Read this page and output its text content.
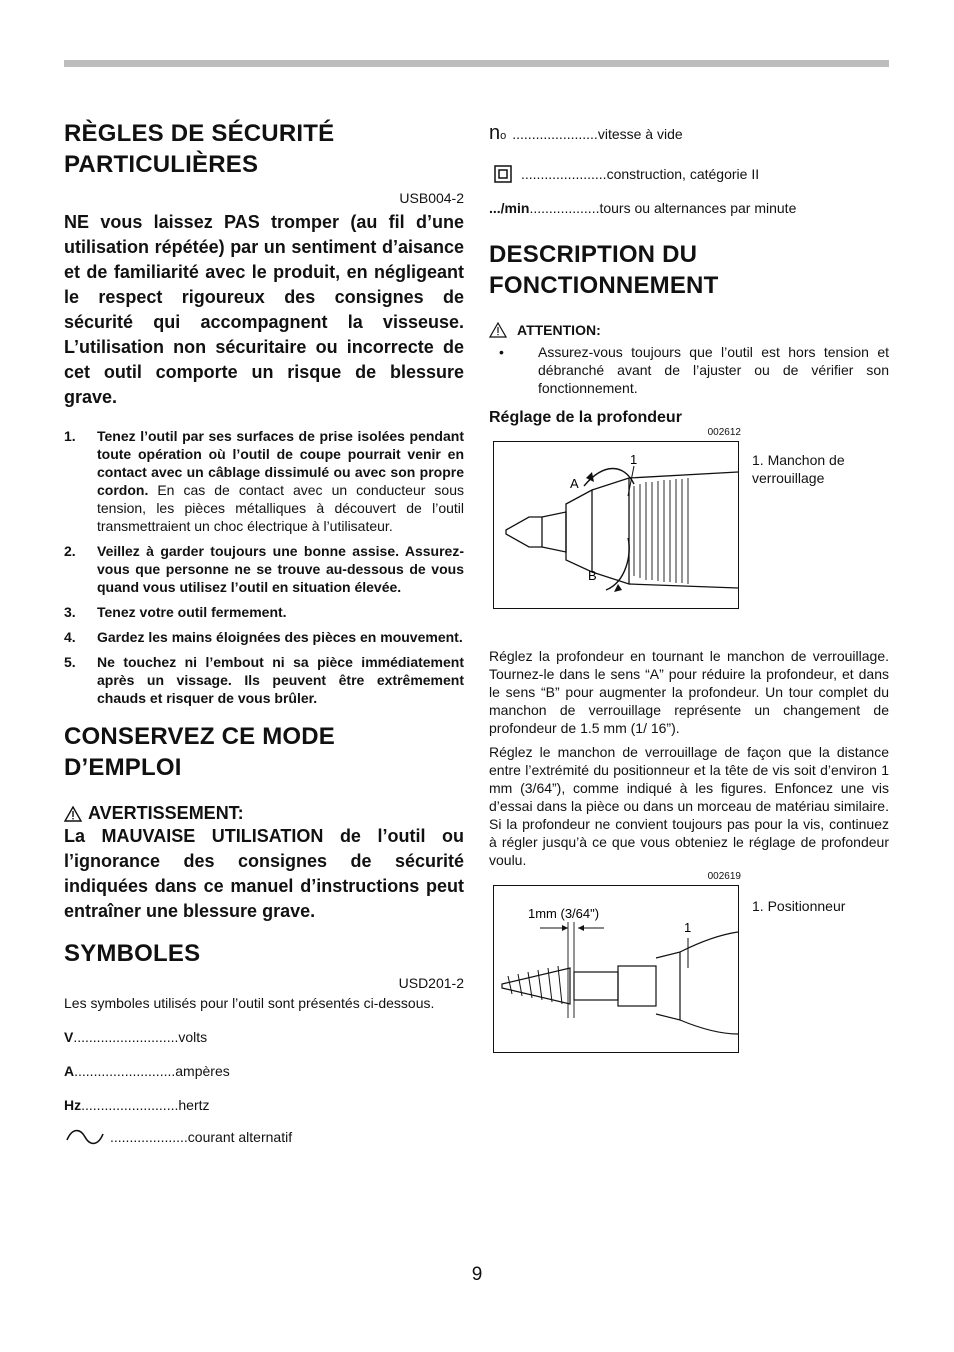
RÈGLES DE SÉCURITÉ PARTICULIÈRES

USB004-2

NE vous laissez PAS tromper (au fil d’une utilisation répétée) par un sentiment d’aisance et de familiarité avec le produit, en négligeant le respect rigoureux des consignes de sécurité qui accompagnent la visseuse. L’utilisation non sécuritaire ou incorrecte de cet outil comporte un risque de blessure grave.

1.	Tenez l’outil par ses surfaces de prise isolées pendant toute opération où l’outil de coupe pourrait venir en contact avec un câblage dissimulé ou avec son propre cordon. En cas de contact avec un conducteur sous tension, les pièces métalliques à découvert de l’outil transmettraient un choc électrique à l’utilisateur.
2.	Veillez à garder toujours une bonne assise. Assurez-vous que personne ne se trouve au-dessous de vous quand vous utilisez l’outil en situation élevée.
3.	Tenez votre outil fermement.
4.	Gardez les mains éloignées des pièces en mouvement.
5.	Ne touchez ni l’embout ni sa pièce immédiatement après un vissage. Ils peuvent être extrêmement chauds et risquer de vous brûler.
CONSERVEZ CE MODE D’EMPLOI
AVERTISSEMENT:
La MAUVAISE UTILISATION de l’outil ou l’ignorance des consignes de sécurité indiquées dans ce manuel d’instructions peut entraîner une blessure grave.
SYMBOLES

USD201-2

Les symboles utilisés pour l’outil sont présentés ci-dessous.

V ........................... volts
A .......................... ampères
Hz ......................... hertz
.................... courant alternatif
n o ...................... vitesse à vide
...................... construction, catégorie II
.../min .................. tours ou alternances par minute
DESCRIPTION DU FONCTIONNEMENT
ATTENTION:
•	Assurez-vous toujours que l’outil est hors tension et débranché avant de l’ajuster ou de vérifier son fonctionnement.
Réglage de la profondeur
002612
1
A
B
1. Manchon de verrouillage

Réglez la profondeur en tournant le manchon de verrouillage. Tournez-le dans le sens “A” pour réduire la profondeur, et dans le sens “B” pour augmenter la profondeur. Un tour complet du manchon de verrouillage représente un changement de profondeur de 1.5 mm (1/ 16”).

Réglez le manchon de verrouillage de façon que la distance entre l’extrémité du positionneur et la tête de vis soit d’environ 1 mm (3/64”), comme indiqué à les figures. Enfoncez une vis d’essai dans la pièce ou dans un morceau de matériau similaire. Si la profondeur ne convient toujours pas pour la vis, continuez à régler jusqu’à ce que vous obteniez le réglage de profondeur voulu.

002619
1mm (3/64")
1
1. Positionneur
9
